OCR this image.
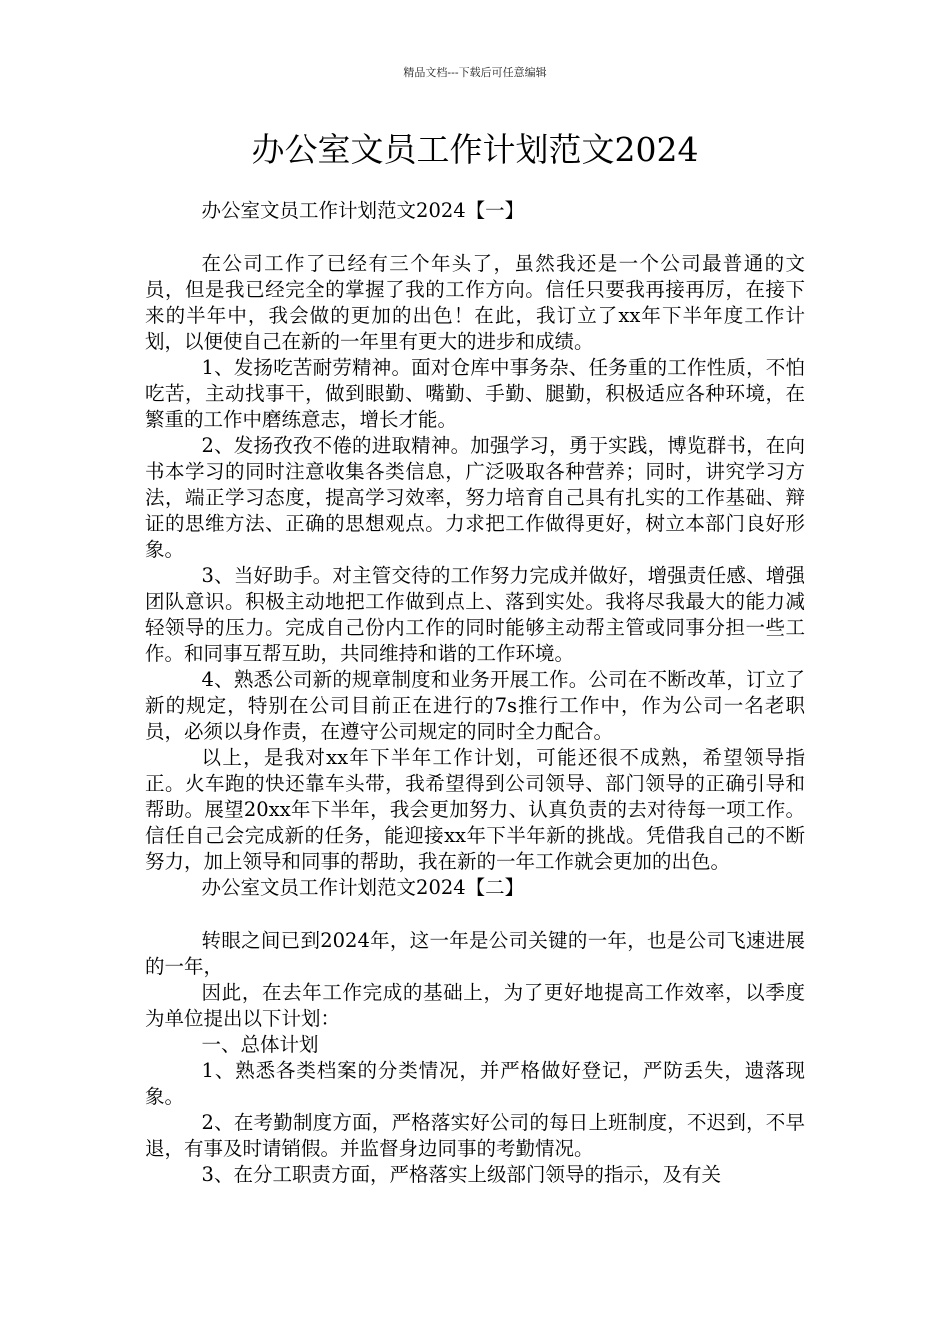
精品文档---下载后可任意编辑
办公室文员工作计划范文2024

办公室文员工作计划范文2024【一】

在公司工作了已经有三个年头了，虽然我还是一个公司最普通的文员，但是我已经完全的掌握了我的工作方向。信任只要我再接再厉，在接下来的半年中，我会做的更加的出色！在此，我订立了xx年下半年度工作计划，以便使自己在新的一年里有更大的进步和成绩。

1、发扬吃苦耐劳精神。面对仓库中事务杂、任务重的工作性质，不怕吃苦，主动找事干，做到眼勤、嘴勤、手勤、腿勤，积极适应各种环境，在繁重的工作中磨练意志，增长才能。

2、发扬孜孜不倦的进取精神。加强学习，勇于实践，博览群书，在向书本学习的同时注意收集各类信息，广泛吸取各种营养；同时，讲究学习方法，端正学习态度，提高学习效率，努力培育自己具有扎实的工作基础、辩证的思维方法、正确的思想观点。力求把工作做得更好，树立本部门良好形象。

3、当好助手。对主管交待的工作努力完成并做好，增强责任感、增强团队意识。积极主动地把工作做到点上、落到实处。我将尽我最大的能力减轻领导的压力。完成自己份内工作的同时能够主动帮主管或同事分担一些工作。和同事互帮互助，共同维持和谐的工作环境。

4、熟悉公司新的规章制度和业务开展工作。公司在不断改革，订立了新的规定，特别在公司目前正在进行的7s推行工作中，作为公司一名老职员，必须以身作责，在遵守公司规定的同时全力配合。

以上，是我对xx年下半年工作计划，可能还很不成熟，希望领导指正。火车跑的快还靠车头带，我希望得到公司领导、部门领导的正确引导和帮助。展望20xx年下半年，我会更加努力、认真负责的去对待每一项工作。信任自己会完成新的任务，能迎接xx年下半年新的挑战。凭借我自己的不断努力，加上领导和同事的帮助，我在新的一年工作就会更加的出色。

办公室文员工作计划范文2024【二】

转眼之间已到2024年，这一年是公司关键的一年，也是公司飞速进展的一年，

因此，在去年工作完成的基础上，为了更好地提高工作效率，以季度为单位提出以下计划：

一、总体计划

1、熟悉各类档案的分类情况，并严格做好登记，严防丢失，遗落现象。

2、在考勤制度方面，严格落实好公司的每日上班制度，不迟到，不早退，有事及时请销假。并监督身边同事的考勤情况。

3、在分工职责方面，严格落实上级部门领导的指示，及有关
